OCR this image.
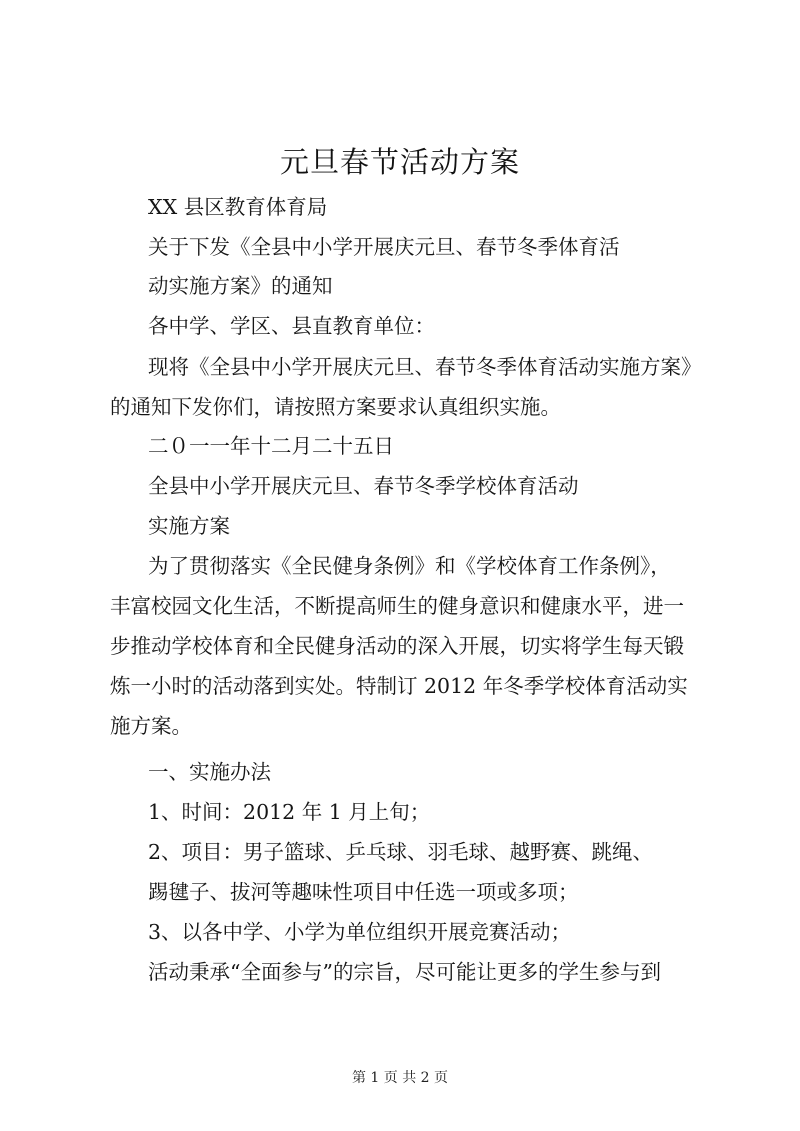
元旦春节活动方案
XX 县区教育体育局
关于下发《全县中小学开展庆元旦、春节冬季体育活
动实施方案》的通知
各中学、学区、县直教育单位：
现将《全县中小学开展庆元旦、春节冬季体育活动实施方案》
的通知下发你们，请按照方案要求认真组织实施。
二０一一年十二月二十五日
全县中小学开展庆元旦、春节冬季学校体育活动
实施方案
为了贯彻落实《全民健身条例》和《学校体育工作条例》，
丰富校园文化生活，不断提高师生的健身意识和健康水平，进一
步推动学校体育和全民健身活动的深入开展，切实将学生每天锻
炼一小时的活动落到实处。特制订 2012 年冬季学校体育活动实
施方案。
一、实施办法
1、时间：2012 年 1 月上旬；
2、项目：男子篮球、乒乓球、羽毛球、越野赛、跳绳、
踢毽子、拔河等趣味性项目中任选一项或多项；
3、以各中学、小学为单位组织开展竞赛活动；
活动秉承“全面参与”的宗旨，尽可能让更多的学生参与到
第 1 页 共 2 页
